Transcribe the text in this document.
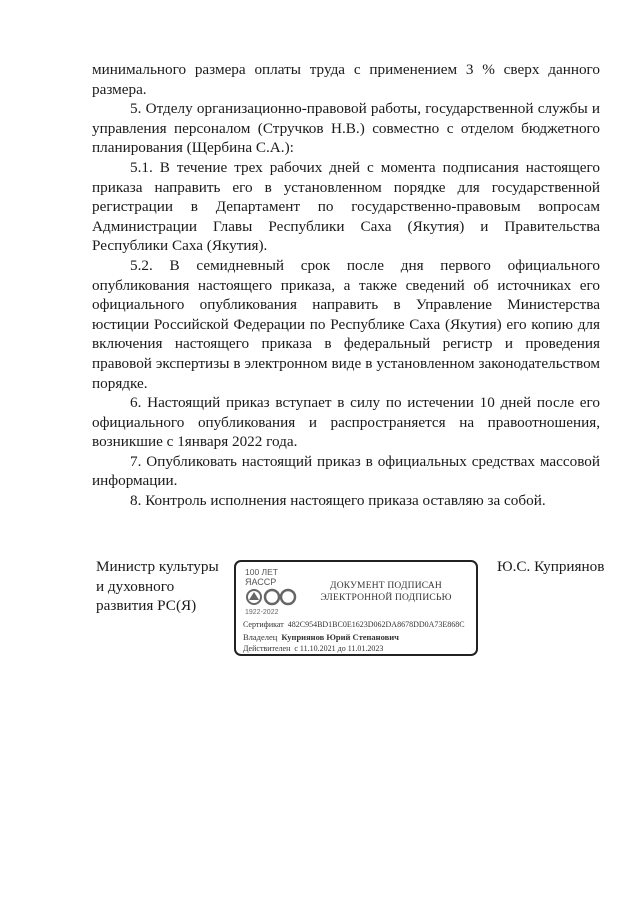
минимального размера оплаты труда с применением 3 % сверх данного размера.

5. Отделу организационно-правовой работы, государственной службы и управления персоналом (Стручков Н.В.) совместно с отделом бюджетного планирования (Щербина С.А.):

5.1. В течение трех рабочих дней с момента подписания настоящего приказа направить его в установленном порядке для государственной регистрации в Департамент по государственно-правовым вопросам Администрации Главы Республики Саха (Якутия) и Правительства Республики Саха (Якутия).

5.2. В семидневный срок после дня первого официального опубликования настоящего приказа, а также сведений об источниках его официального опубликования направить в Управление Министерства юстиции Российской Федерации по Республике Саха (Якутия) его копию для включения настоящего приказа в федеральный регистр и проведения правовой экспертизы в электронном виде в установленном законодательством порядке.

6. Настоящий приказ вступает в силу по истечении 10 дней после его официального опубликования и распространяется на правоотношения, возникшие с 1января 2022 года.

7. Опубликовать настоящий приказ в официальных средствах массовой информации.

8. Контроль исполнения настоящего приказа оставляю за собой.

Министр культуры
и духовного
развития РС(Я)
100 ЛЕТ
ЯАССР
1922-2022
ДОКУМЕНТ ПОДПИСАН
ЭЛЕКТРОННОЙ ПОДПИСЬЮ
Сертификат 482C954BD1BC0E1623D062DA8678DD0A73E868C
Владелец Куприянов Юрий Степанович
Действителен с 11.10.2021 до 11.01.2023
Ю.С. Куприянов
